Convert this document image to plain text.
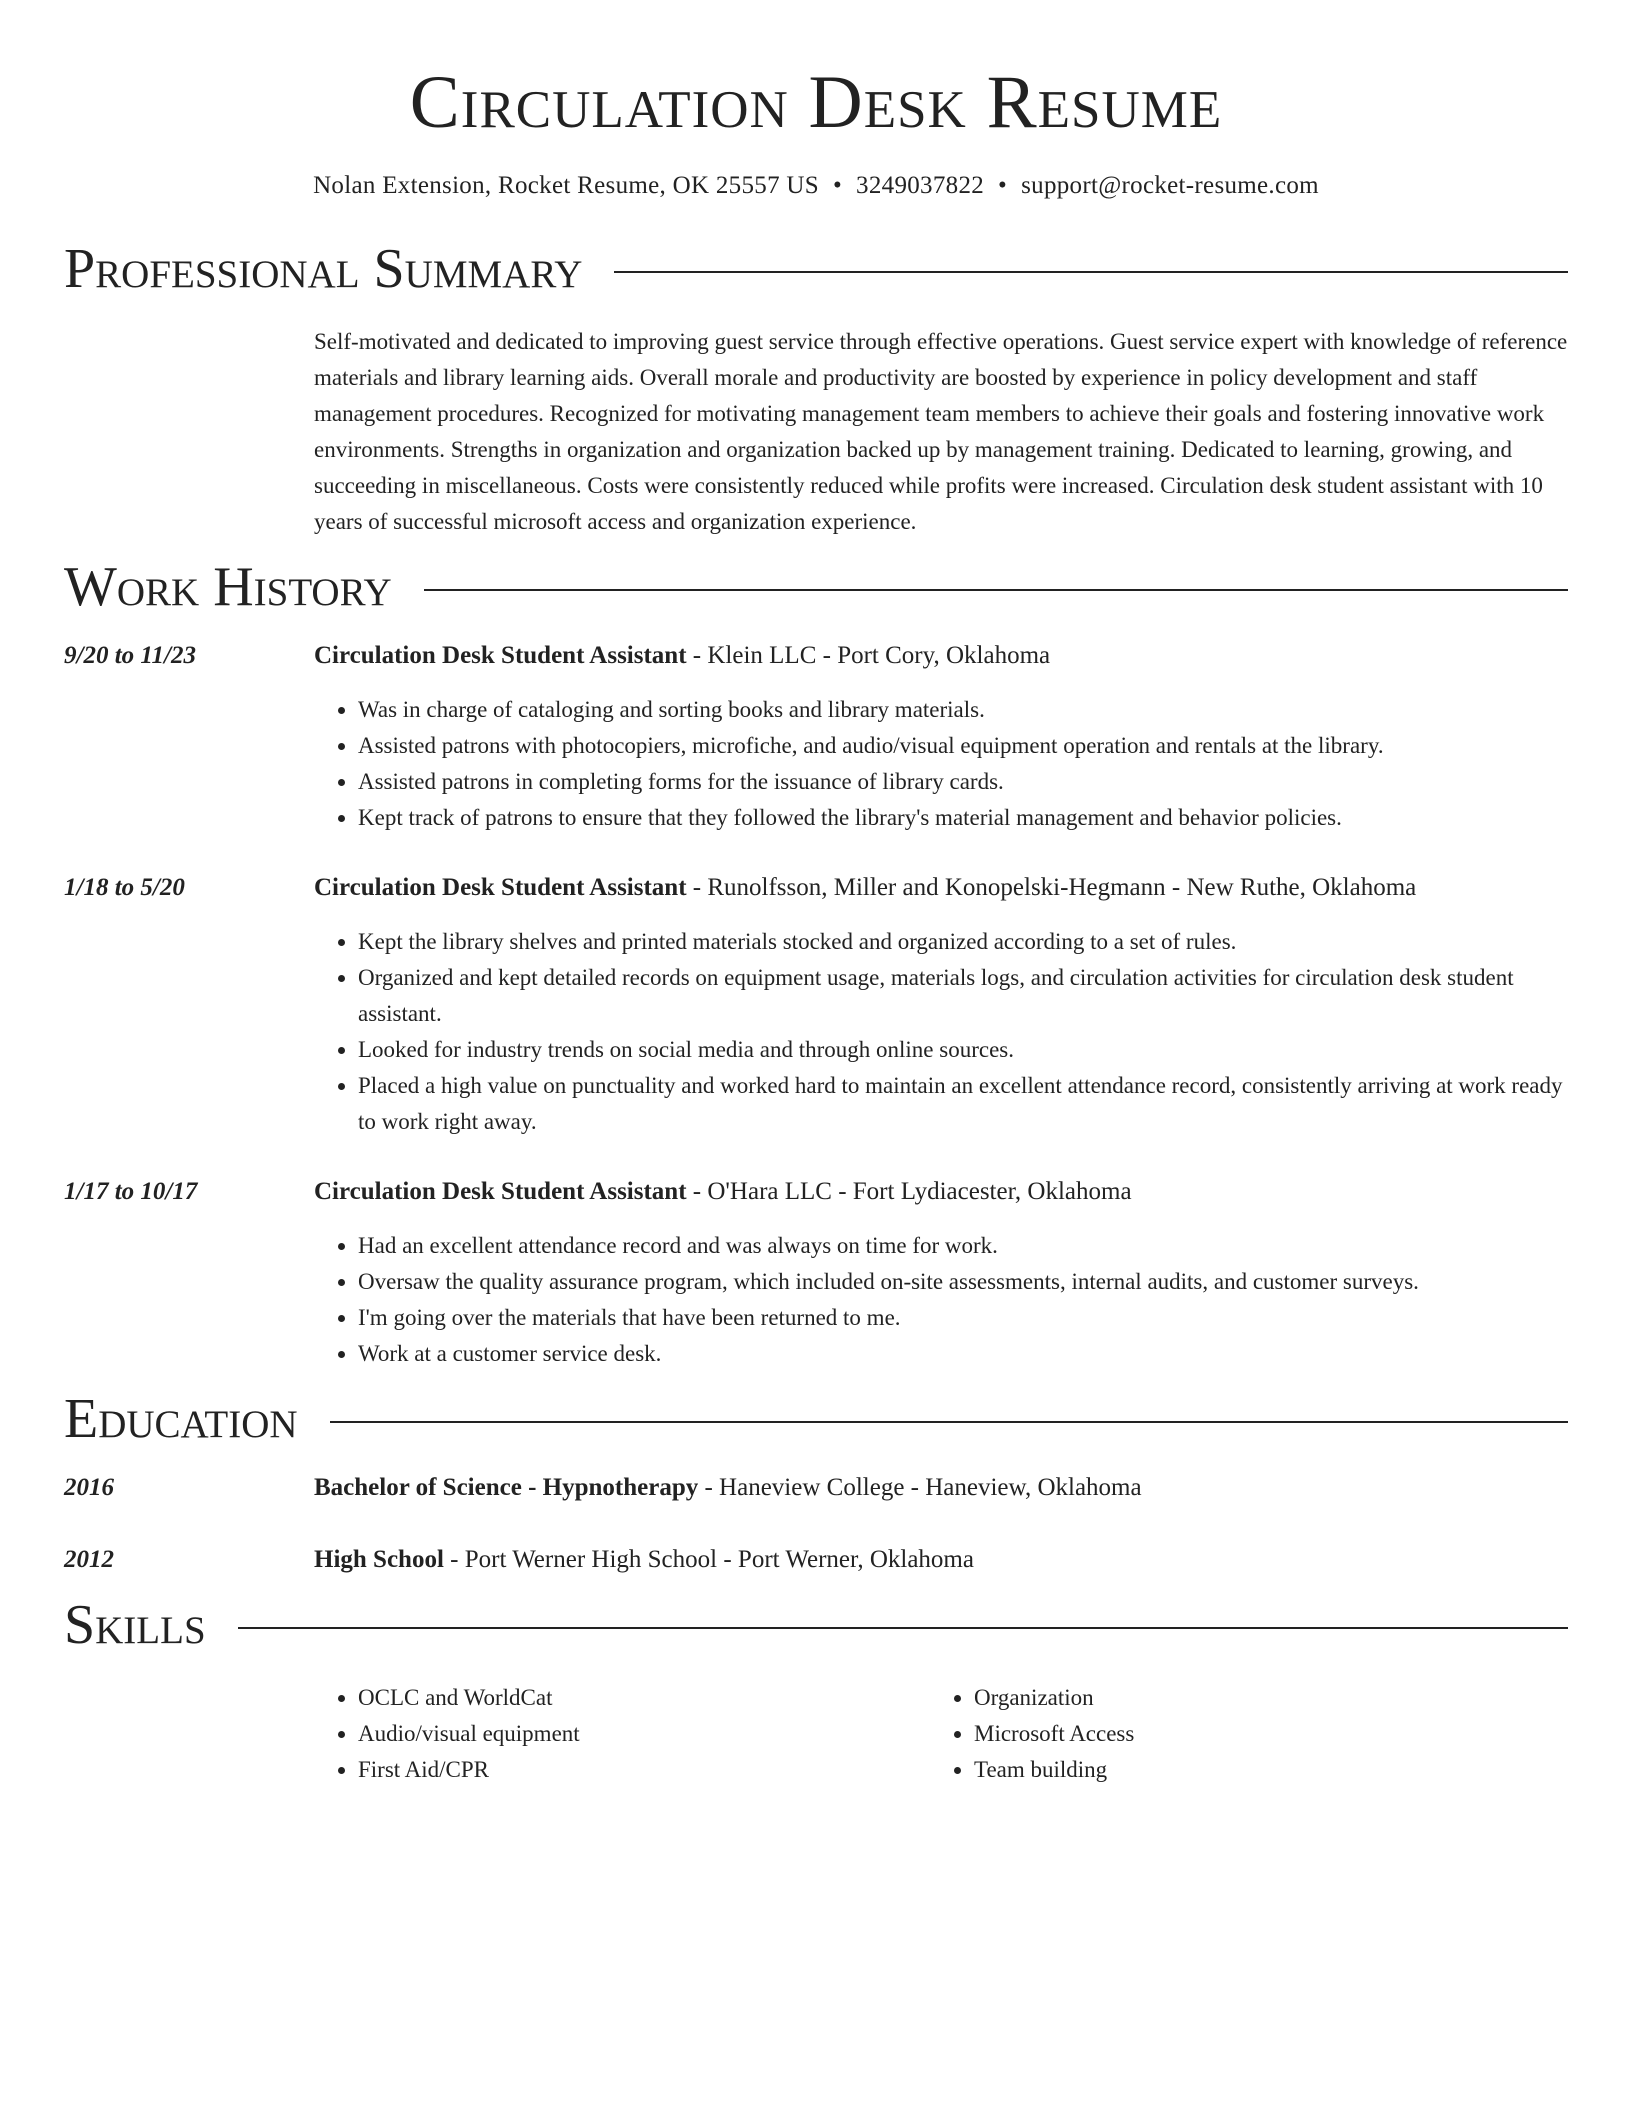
Circulation Desk Resume
Nolan Extension, Rocket Resume, OK 25557 US • 3249037822 • support@rocket-resume.com
Professional Summary
Self-motivated and dedicated to improving guest service through effective operations. Guest service expert with knowledge of reference materials and library learning aids. Overall morale and productivity are boosted by experience in policy development and staff management procedures. Recognized for motivating management team members to achieve their goals and fostering innovative work environments. Strengths in organization and organization backed up by management training. Dedicated to learning, growing, and succeeding in miscellaneous. Costs were consistently reduced while profits were increased. Circulation desk student assistant with 10 years of successful microsoft access and organization experience.
Work History
9/20 to 11/23	Circulation Desk Student Assistant - Klein LLC - Port Cory, Oklahoma
• Was in charge of cataloging and sorting books and library materials.
• Assisted patrons with photocopiers, microfiche, and audio/visual equipment operation and rentals at the library.
• Assisted patrons in completing forms for the issuance of library cards.
• Kept track of patrons to ensure that they followed the library's material management and behavior policies.
1/18 to 5/20	Circulation Desk Student Assistant - Runolfsson, Miller and Konopelski-Hegmann - New Ruthe, Oklahoma
• Kept the library shelves and printed materials stocked and organized according to a set of rules.
• Organized and kept detailed records on equipment usage, materials logs, and circulation activities for circulation desk student assistant.
• Looked for industry trends on social media and through online sources.
• Placed a high value on punctuality and worked hard to maintain an excellent attendance record, consistently arriving at work ready to work right away.
1/17 to 10/17	Circulation Desk Student Assistant - O'Hara LLC - Fort Lydiacester, Oklahoma
• Had an excellent attendance record and was always on time for work.
• Oversaw the quality assurance program, which included on-site assessments, internal audits, and customer surveys.
• I'm going over the materials that have been returned to me.
• Work at a customer service desk.
Education
2016	Bachelor of Science - Hypnotherapy - Haneview College - Haneview, Oklahoma
2012	High School - Port Werner High School - Port Werner, Oklahoma
Skills
• OCLC and WorldCat
• Audio/visual equipment
• First Aid/CPR
• Organization
• Microsoft Access
• Team building
